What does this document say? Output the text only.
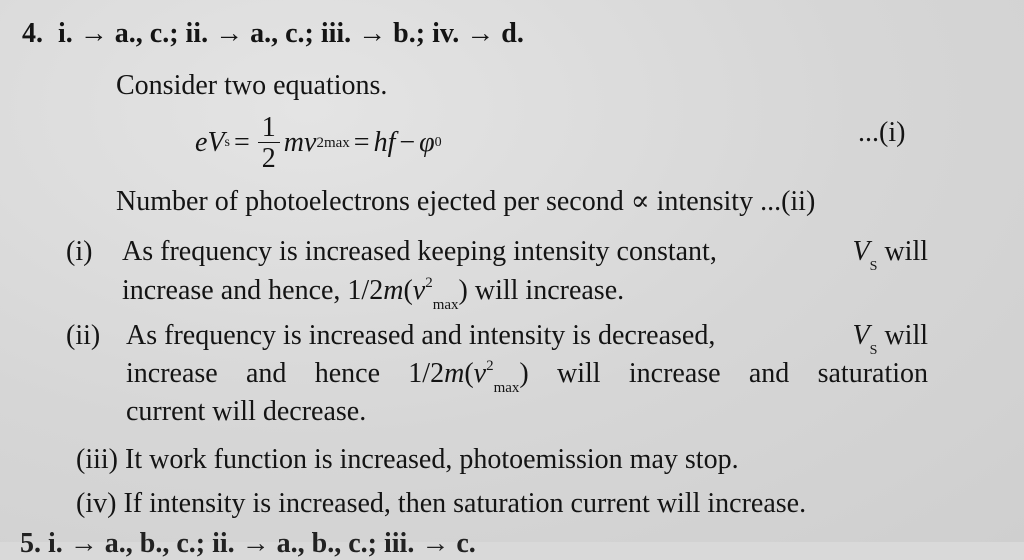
4. i. → a., c.; ii. → a., c.; iii. → b.; iv. → d.
Consider two equations.
e V $s = \frac{1}{2}$ m v 2 max = hf − φ 0	...(i)
Number of photoelectrons ejected per second ∝ intensity ...(ii)
(i) As frequency is increased keeping intensity constant,	$V_S$ will
increase and hence, $1/2m(v^2_{max})$ will increase.
(ii) As frequency is increased and intensity is decreased,	$V_S$ will
increase and hence $1/2m(v^2_{max})$ will increase and saturation
current will decrease.
(iii) It work function is increased, photoemission may stop.
(iv) If intensity is increased, then saturation current will increase.
5. i. → a., b., c.; ii. → a., b., c.; iii. → c.
